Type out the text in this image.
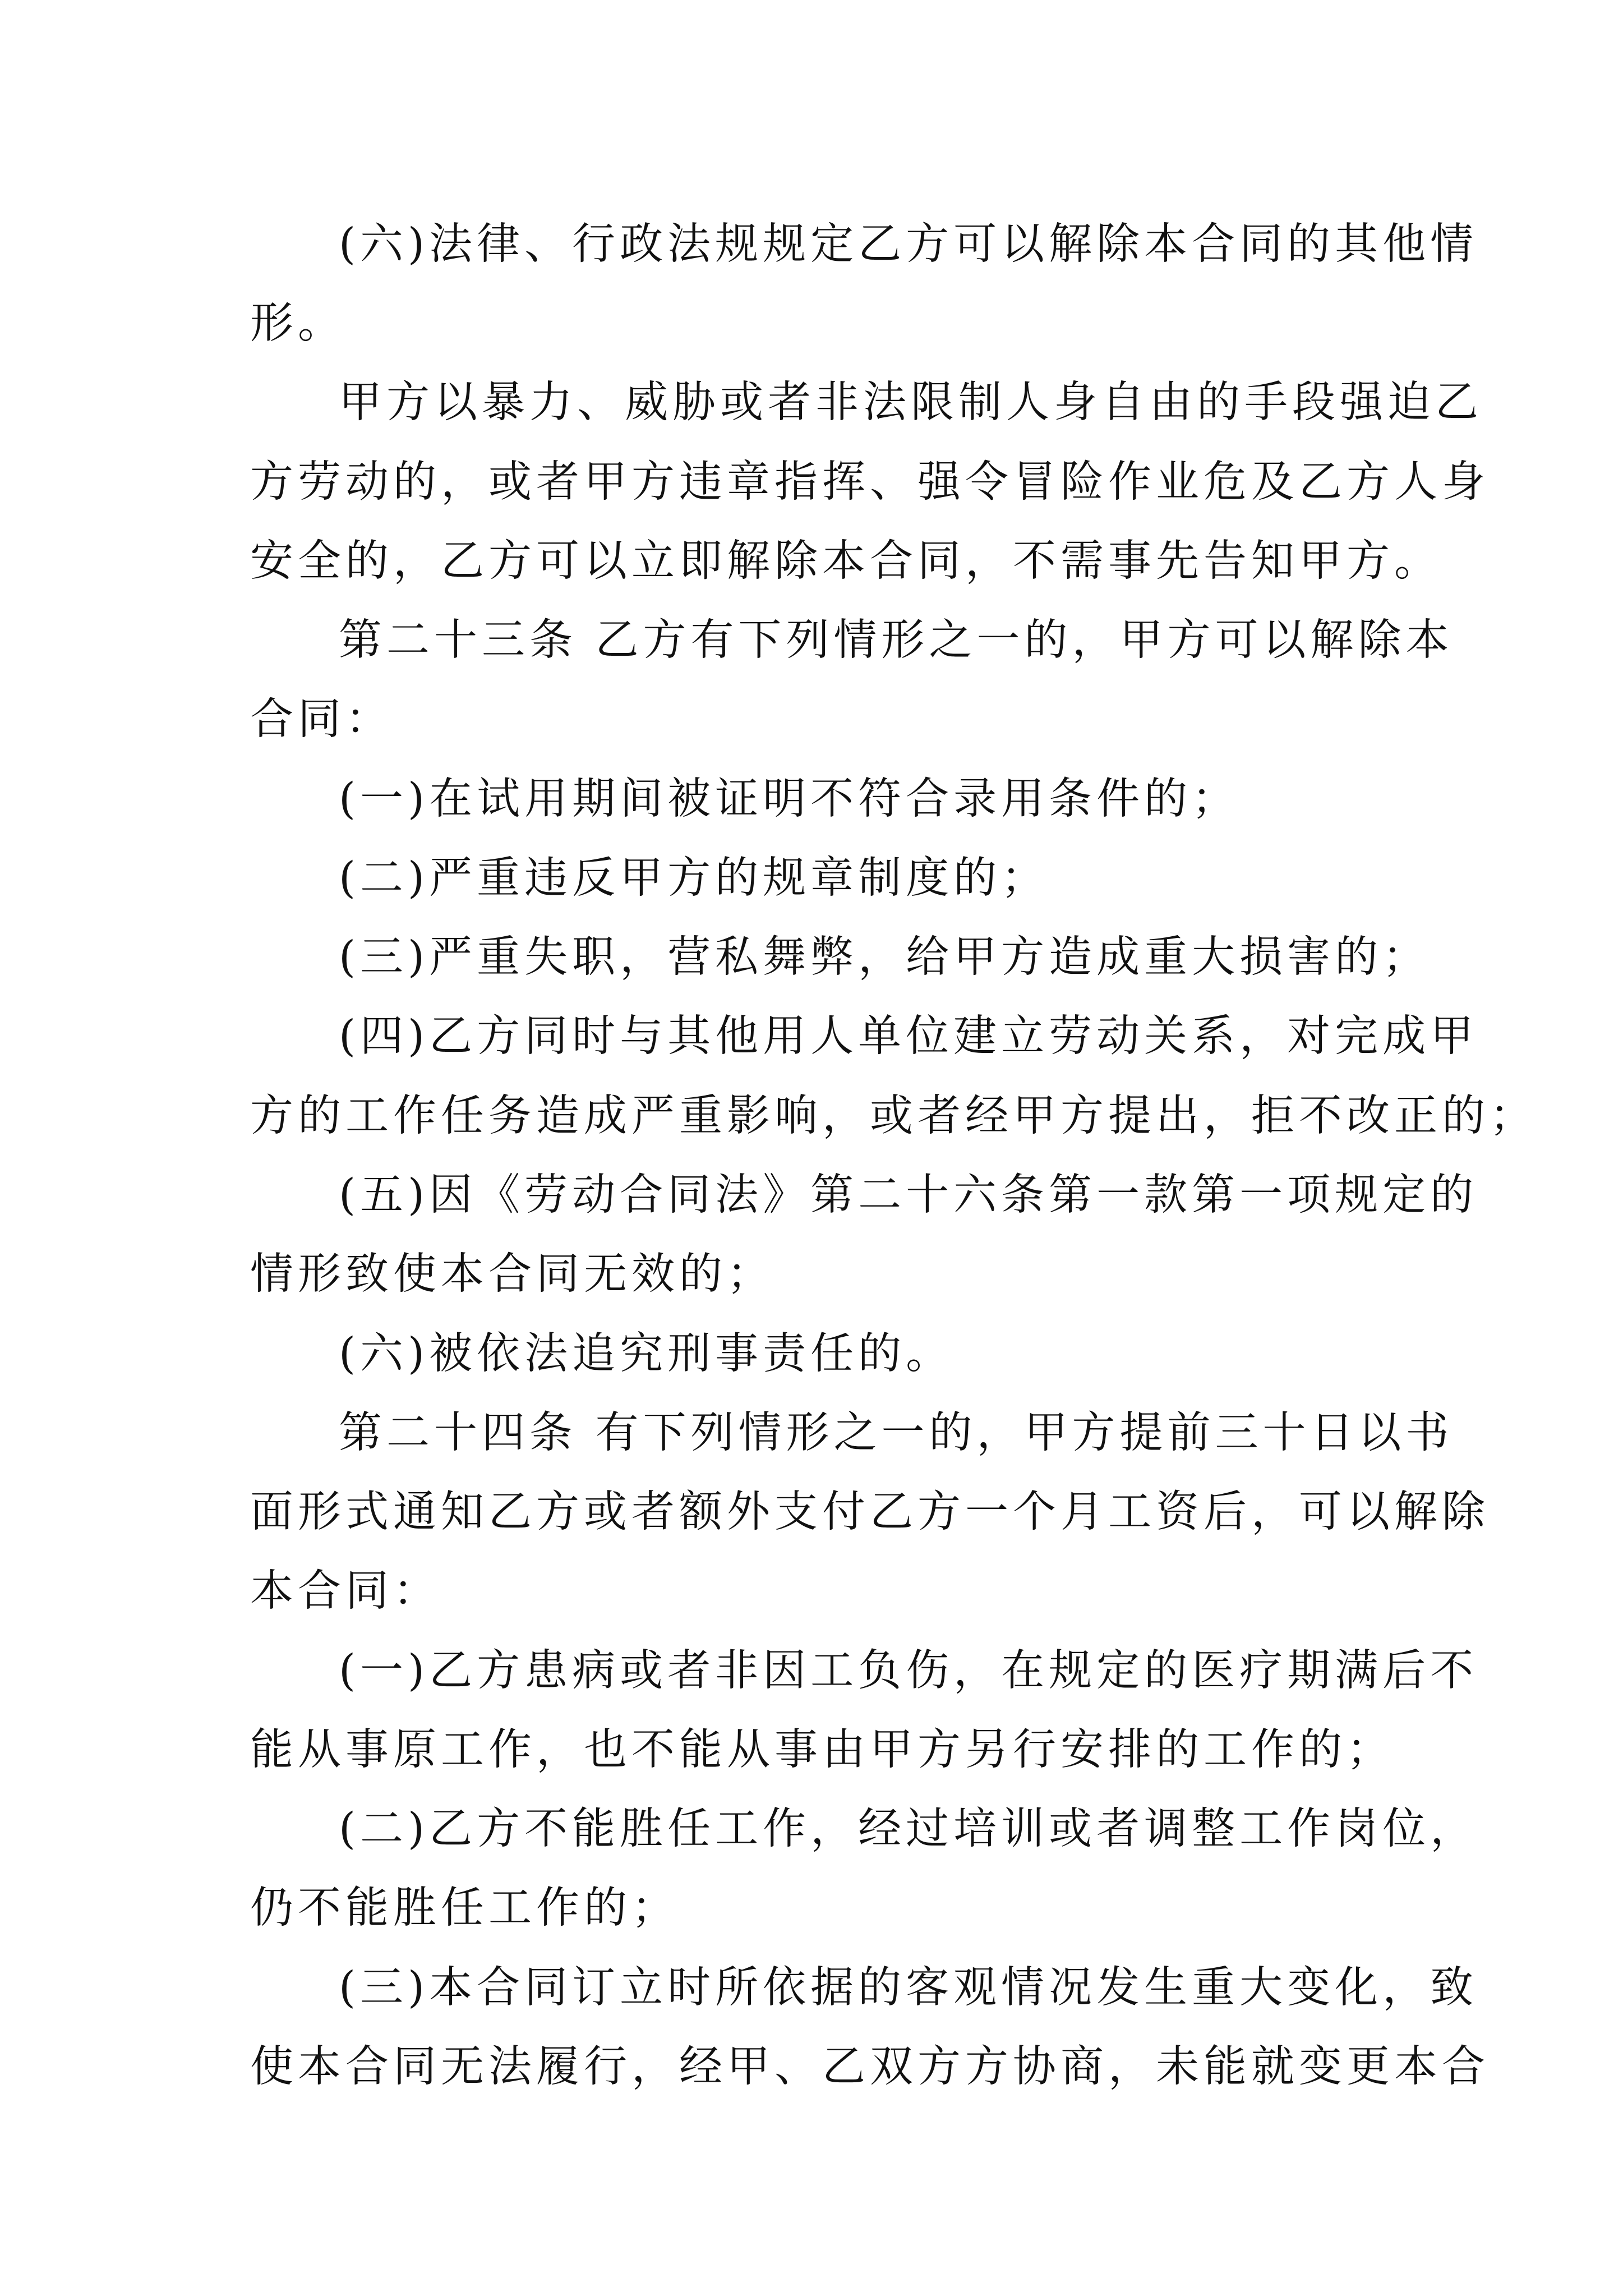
(六)法律、行政法规规定乙方可以解除本合同的其他情
形。
甲方以暴力、威胁或者非法限制人身自由的手段强迫乙
方劳动的，或者甲方违章指挥、强令冒险作业危及乙方人身
安全的，乙方可以立即解除本合同，不需事先告知甲方。
第二十三条 乙方有下列情形之一的，甲方可以解除本
合同：
(一)在试用期间被证明不符合录用条件的；
(二)严重违反甲方的规章制度的；
(三)严重失职，营私舞弊，给甲方造成重大损害的；
(四)乙方同时与其他用人单位建立劳动关系，对完成甲
方的工作任务造成严重影响，或者经甲方提出，拒不改正的；
(五)因《劳动合同法》第二十六条第一款第一项规定的
情形致使本合同无效的；
(六)被依法追究刑事责任的。
第二十四条 有下列情形之一的，甲方提前三十日以书
面形式通知乙方或者额外支付乙方一个月工资后，可以解除
本合同：
(一)乙方患病或者非因工负伤，在规定的医疗期满后不
能从事原工作，也不能从事由甲方另行安排的工作的；
(二)乙方不能胜任工作，经过培训或者调整工作岗位，
仍不能胜任工作的；
(三)本合同订立时所依据的客观情况发生重大变化，致
使本合同无法履行，经甲、乙双方方协商，未能就变更本合
